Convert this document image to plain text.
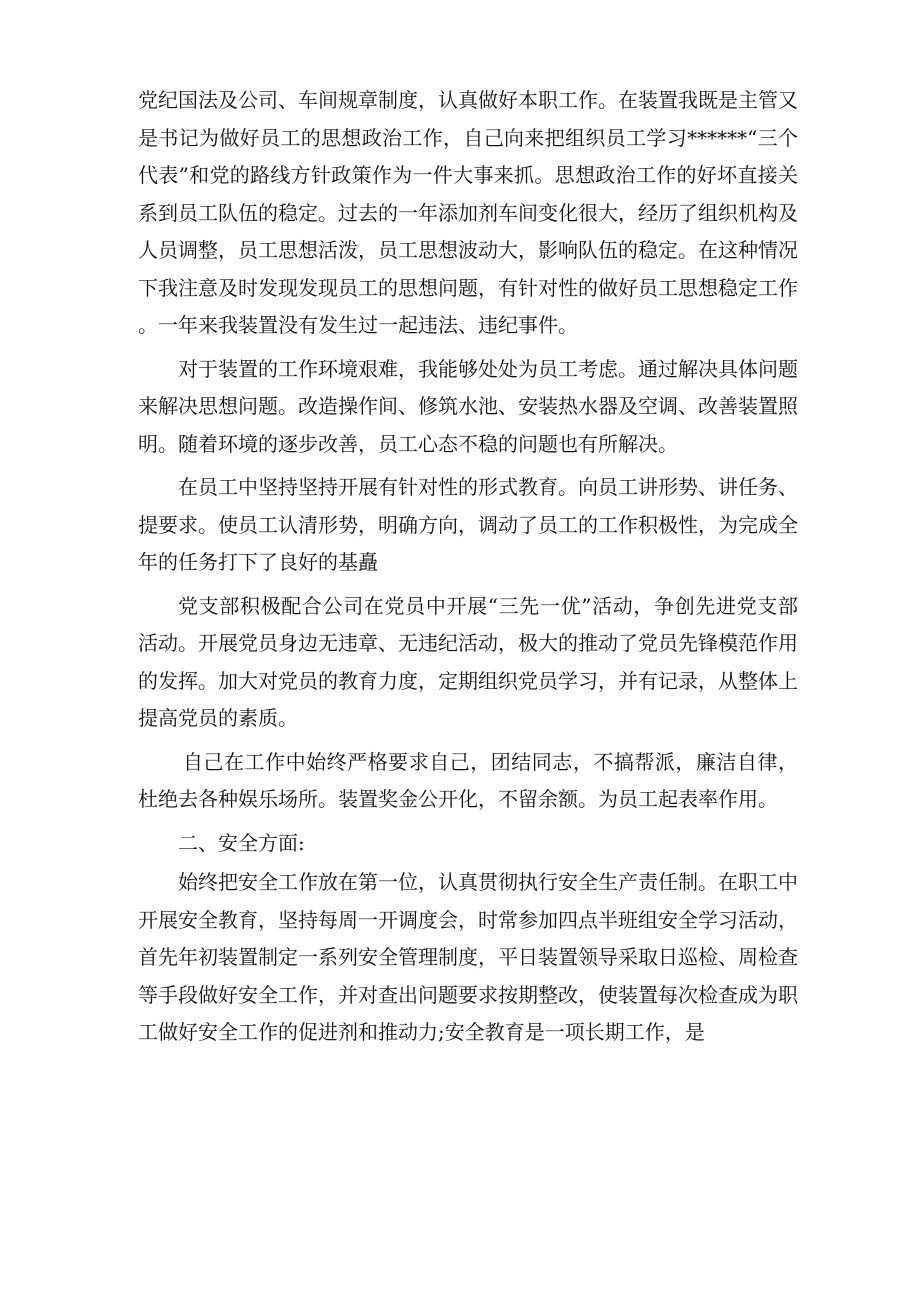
党纪国法及公司、车间规章制度，认真做好本职工作。在装置我既是主管又是书记为做好员工的思想政治工作，自己向来把组织员工学习******“三个代表”和党的路线方针政策作为一件大事来抓。思想政治工作的好坏直接关系到员工队伍的稳定。过去的一年添加剂车间变化很大，经历了组织机构及人员调整，员工思想活泼，员工思想波动大，影响队伍的稳定。在这种情况下我注意及时发现发现员工的思想问题，有针对性的做好员工思想稳定工作。一年来我装置没有发生过一起违法、违纪事件。

对于装置的工作环境艰难，我能够处处为员工考虑。通过解决具体问题来解决思想问题。改造操作间、修筑水池、安装热水器及空调、改善装置照明。随着环境的逐步改善，员工心态不稳的问题也有所解决。

在员工中坚持坚持开展有针对性的形式教育。向员工讲形势、讲任务、提要求。使员工认清形势，明确方向，调动了员工的工作积极性，为完成全年的任务打下了良好的基矗

党支部积极配合公司在党员中开展“三先一优”活动，争创先进党支部活动。开展党员身边无违章、无违纪活动，极大的推动了党员先锋模范作用的发挥。加大对党员的教育力度，定期组织党员学习，并有记录，从整体上提高党员的素质。

自己在工作中始终严格要求自己，团结同志，不搞帮派，廉洁自律，杜绝去各种娱乐场所。装置奖金公开化，不留余额。为员工起表率作用。

二、安全方面:

始终把安全工作放在第一位，认真贯彻执行安全生产责任制。在职工中开展安全教育，坚持每周一开调度会，时常参加四点半班组安全学习活动，首先年初装置制定一系列安全管理制度，平日装置领导采取日巡检、周检查等手段做好安全工作，并对查出问题要求按期整改，使装置每次检查成为职工做好安全工作的促进剂和推动力;安全教育是一项长期工作，是
